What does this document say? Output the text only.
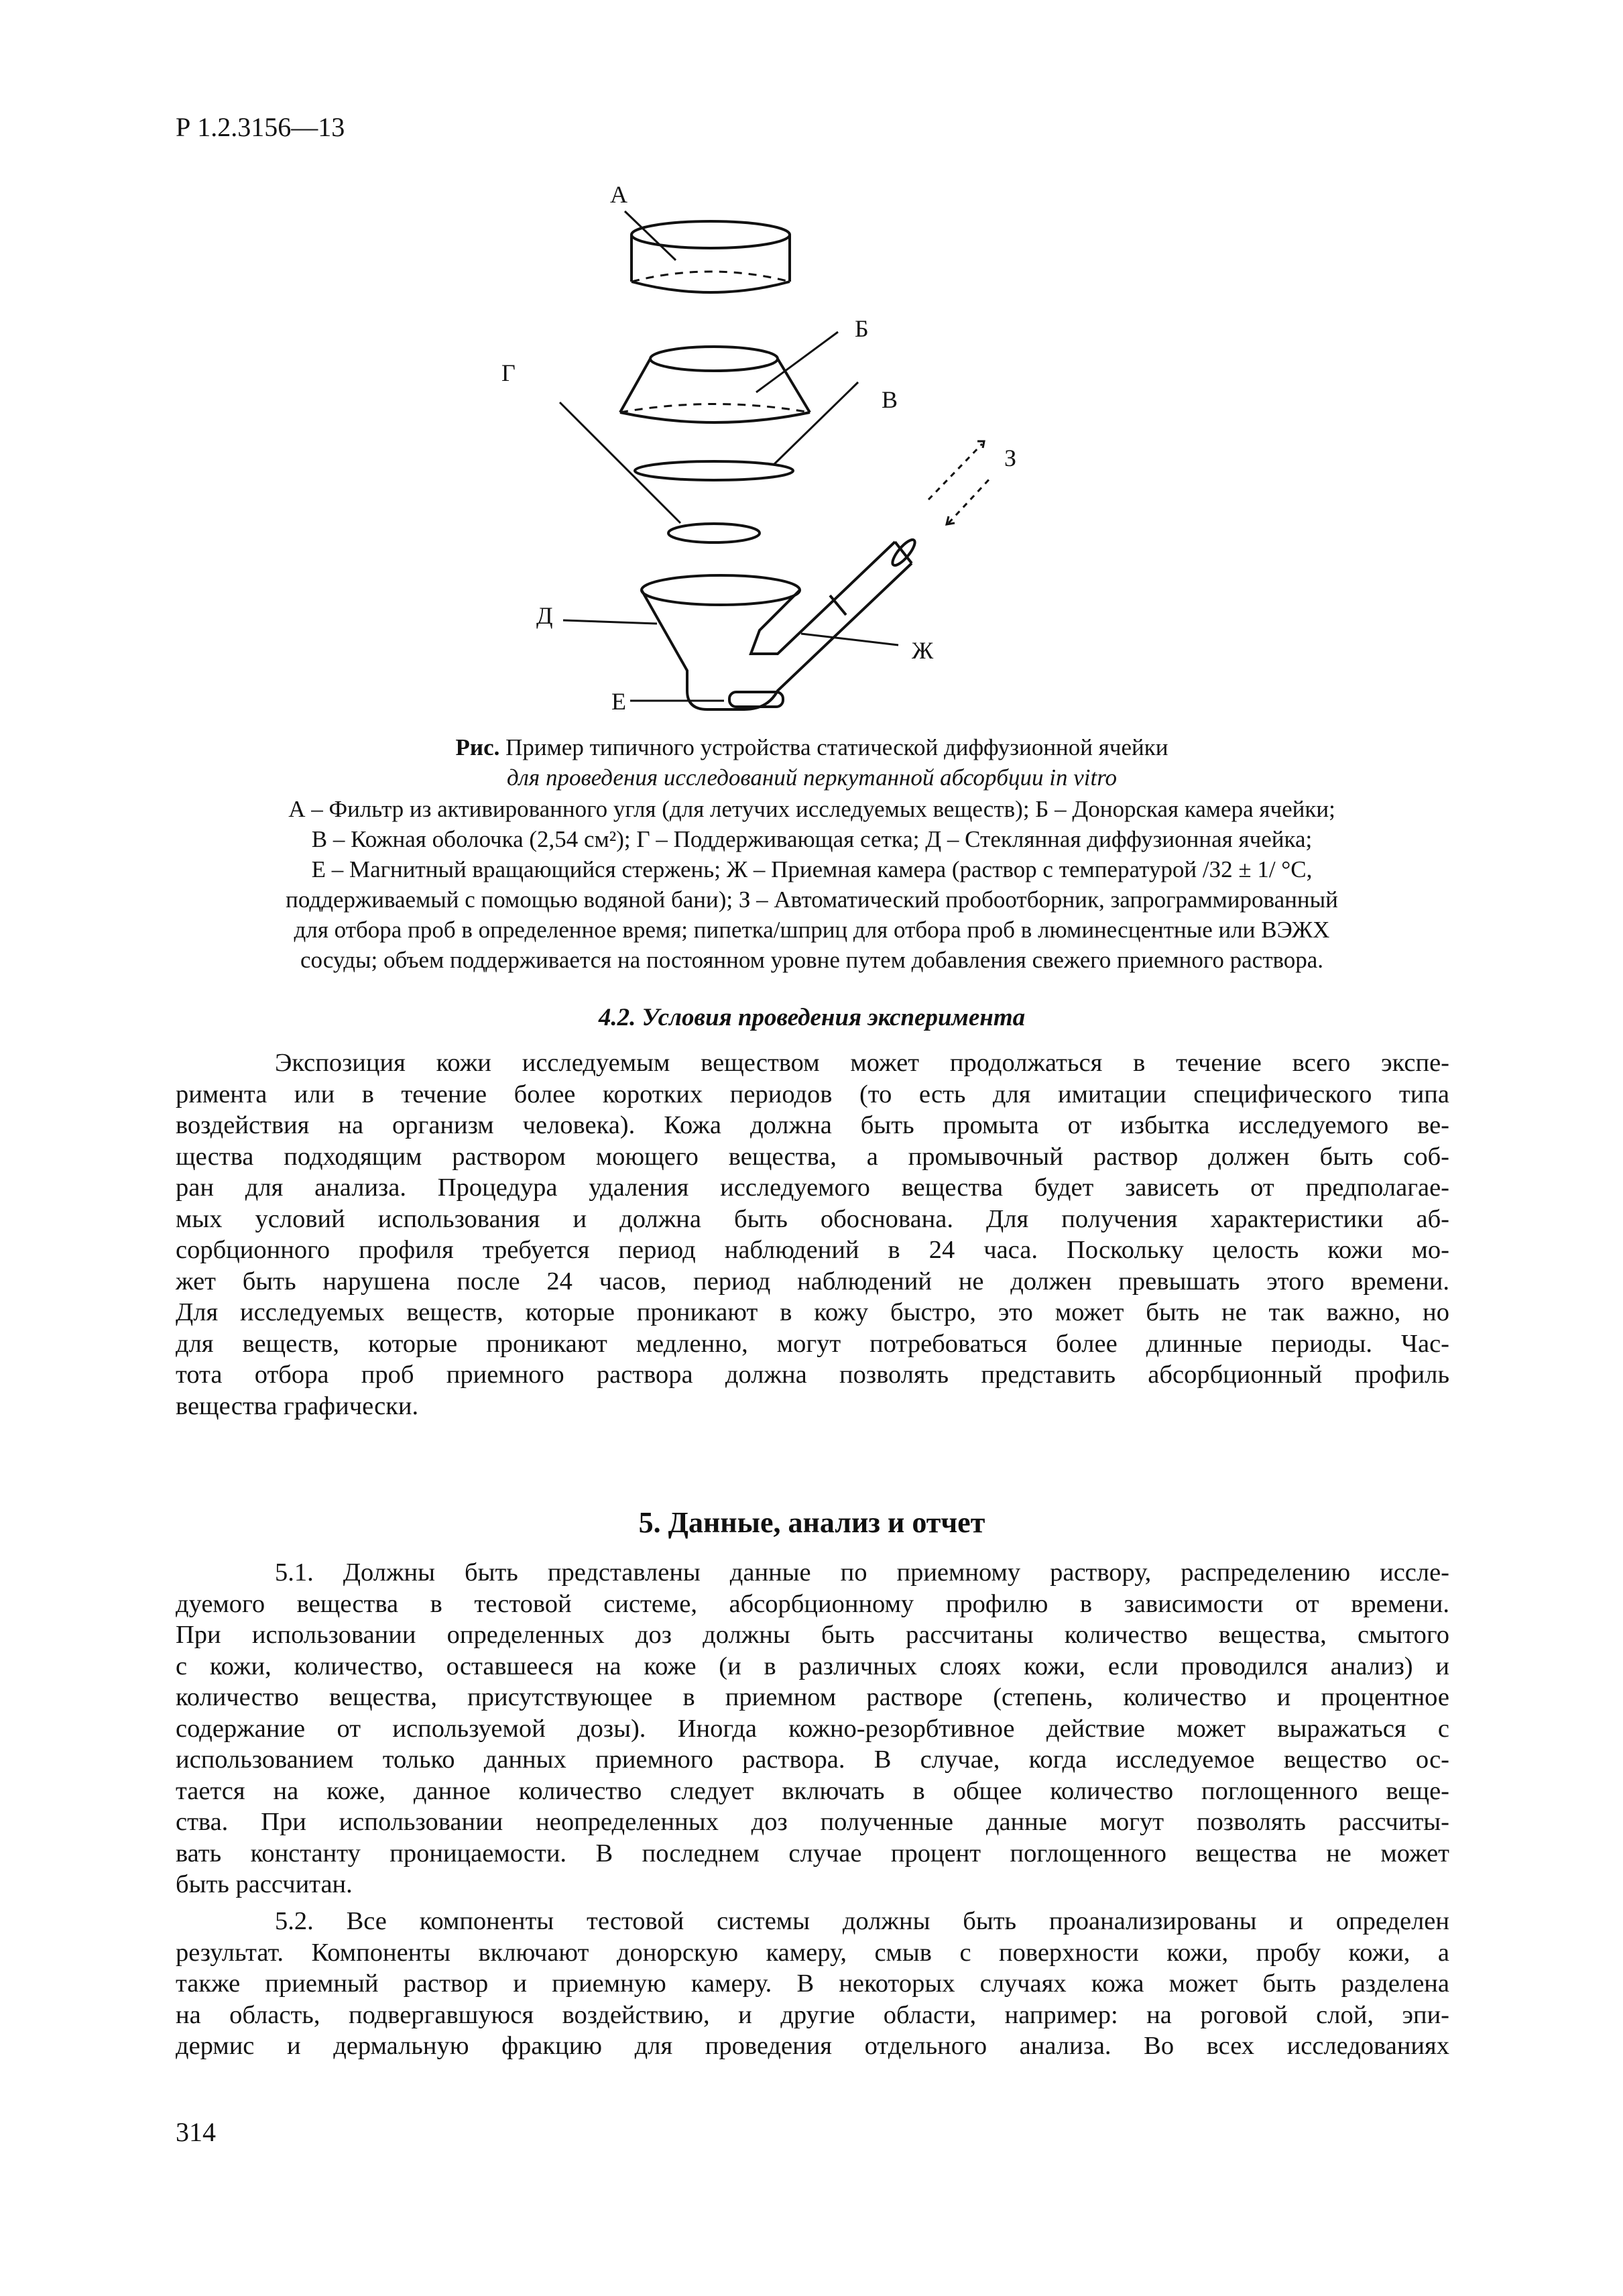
Р 1.2.3156—13
А
Б
В
Г
Д
Ж
Е
З
Рис. Пример типичного устройства статической диффузионной ячейки
для проведения исследований перкутанной абсорбции in vitro
А – Фильтр из активированного угля (для летучих исследуемых веществ); Б – Донорская камера ячейки;
В – Кожная оболочка (2,54 см²); Г – Поддерживающая сетка; Д – Стеклянная диффузионная ячейка;
Е – Магнитный вращающийся стержень; Ж – Приемная камера (раствор с температурой /32 ± 1/ °С,
поддерживаемый с помощью водяной бани); З – Автоматический пробоотборник, запрограммированный
для отбора проб в определенное время; пипетка/шприц для отбора проб в люминесцентные или ВЭЖХ
сосуды; объем поддерживается на постоянном уровне путем добавления свежего приемного раствора.
4.2. Условия проведения эксперимента
Экспозиция кожи исследуемым веществом может продолжаться в течение всего экспе-
римента или в течение более коротких периодов (то есть для имитации специфического типа
воздействия на организм человека). Кожа должна быть промыта от избытка исследуемого ве-
щества подходящим раствором моющего вещества, а промывочный раствор должен быть соб-
ран для анализа. Процедура удаления исследуемого вещества будет зависеть от предполагае-
мых условий использования и должна быть обоснована. Для получения характеристики аб-
сорбционного профиля требуется период наблюдений в 24 часа. Поскольку целость кожи мо-
жет быть нарушена после 24 часов, период наблюдений не должен превышать этого времени.
Для исследуемых веществ, которые проникают в кожу быстро, это может быть не так важно, но
для веществ, которые проникают медленно, могут потребоваться более длинные периоды. Час-
тота отбора проб приемного раствора должна позволять представить абсорбционный профиль
вещества графически.
5. Данные, анализ и отчет
5.1. Должны быть представлены данные по приемному раствору, распределению иссле-
дуемого вещества в тестовой системе, абсорбционному профилю в зависимости от времени.
При использовании определенных доз должны быть рассчитаны количество вещества, смытого
с кожи, количество, оставшееся на коже (и в различных слоях кожи, если проводился анализ) и
количество вещества, присутствующее в приемном растворе (степень, количество и процентное
содержание от используемой дозы). Иногда кожно-резорбтивное действие может выражаться с
использованием только данных приемного раствора. В случае, когда исследуемое вещество ос-
тается на коже, данное количество следует включать в общее количество поглощенного веще-
ства. При использовании неопределенных доз полученные данные могут позволять рассчиты-
вать константу проницаемости. В последнем случае процент поглощенного вещества не может
быть рассчитан.
5.2. Все компоненты тестовой системы должны быть проанализированы и определен
результат. Компоненты включают донорскую камеру, смыв с поверхности кожи, пробу кожи, а
также приемный раствор и приемную камеру. В некоторых случаях кожа может быть разделена
на область, подвергавшуюся воздействию, и другие области, например: на роговой слой, эпи-
дермис и дермальную фракцию для проведения отдельного анализа. Во всех исследованиях
314
